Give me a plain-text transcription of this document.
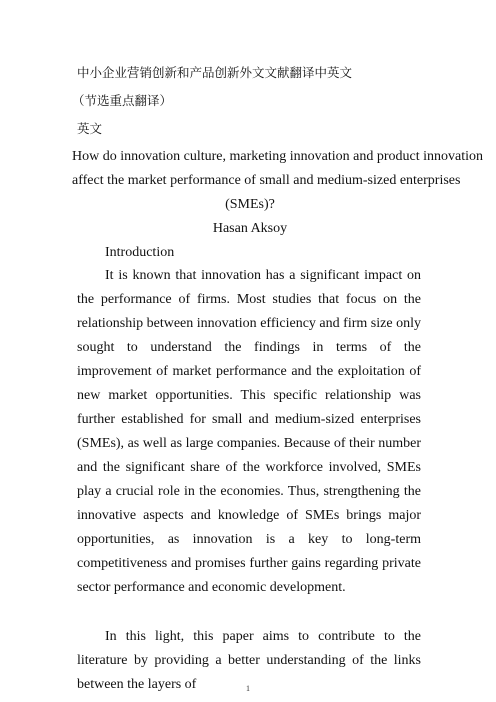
中小企业营销创新和产品创新外文文献翻译中英文
（节选重点翻译）
英文
How do innovation culture, marketing innovation and product innovation
affect the market performance of small and medium-sized enterprises
(SMEs)?
Hasan Aksoy
Introduction

It is known that innovation has a significant impact on the performance of firms. Most studies that focus on the relationship between innovation efficiency and firm size only sought to understand the findings in terms of the improvement of market performance and the exploitation of new market opportunities. This specific relationship was further established for small and medium-sized enterprises (SMEs), as well as large companies. Because of their number and the significant share of the workforce involved, SMEs play a crucial role in the economies. Thus, strengthening the innovative aspects and knowledge of SMEs brings major opportunities, as innovation is a key to long-term competitiveness and promises further gains regarding private sector performance and economic development.

In this light, this paper aims to contribute to the literature by providing a better understanding of the links between the layers of	1
